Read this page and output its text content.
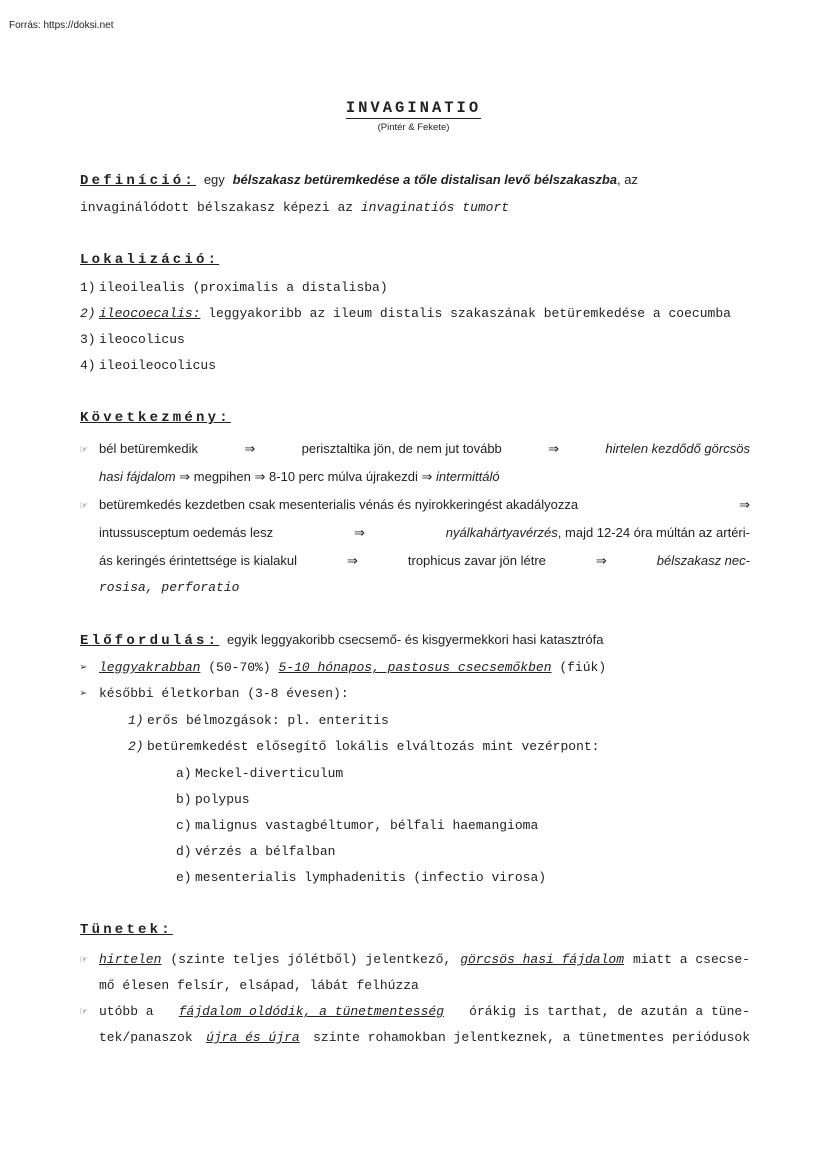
Forrás: https://doksi.net
INVAGINATIO
(Pintér & Fekete)
Definíció: egy bélszakasz betüremkedése a tőle distalisan levő bélszakaszba, az
invaginálódott bélszakasz képezi az invaginatiós tumort
Lokalizáció:
1) ileoilealis (proximalis a distalisba)
2) ileocoecalis: leggyakoribb az ileum distalis szakaszának betüremkedése a coecumba
3) ileocolicus
4) ileoileocolicus
Következmény:
☞ bél betüremkedik	⇒	perisztaltika jön, de nem jut tovább	⇒	hirtelen kezdődő görcsös
hasi fájdalom ⇒ megpihen ⇒ 8-10 perc múlva újrakezdi ⇒ intermittáló
☞ betüremkedés kezdetben csak mesenterialis vénás és nyirokkeringést akadályozza	⇒
intussusceptum oedemás lesz	⇒	nyálkahártyavérzés, majd 12-24 óra múltán az artéri-
ás keringés érintettsége is kialakul	⇒	trophicus zavar jön létre	⇒	bélszakasz nec-
rosisa, perforatio
Előfordulás: egyik leggyakoribb csecsemő- és kisgyermekkori hasi katasztrófa
➢ leggyakrabban (50-70%) 5-10 hónapos, pastosus csecsemőkben (fiúk)
➢ későbbi életkorban (3-8 évesen):
1) erős bélmozgások: pl. enteritis
2) betüremkedést elősegítő lokális elváltozás mint vezérpont:
a) Meckel-diverticulum
b) polypus
c) malignus vastagbéltumor, bélfali haemangioma
d) vérzés a bélfalban
e) mesenterialis lymphadenitis (infectio virosa)
Tünetek:
☞ hirtelen (szinte teljes jólétből) jelentkező, görcsös hasi fájdalom miatt a csecse-
mő élesen felsír, elsápad, lábát felhúzza
☞ utóbb a fájdalom oldódik, a tünetmentesség órákig is tarthat, de azután a tüne-
tek/panaszok újra és újra szinte rohamokban jelentkeznek, a tünetmentes periódusok
